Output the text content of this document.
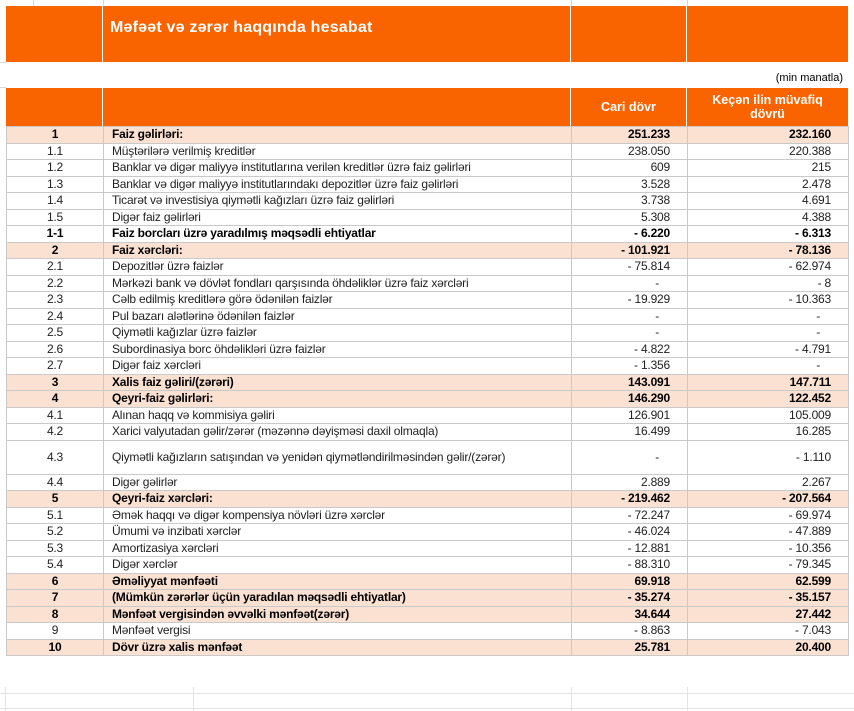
Məfəət və zərər haqqında hesabat
(min manatla)
Cari dövr	Keçən ilin müvafiq dövrü
1	Faiz gəlirləri:	251.233	232.160
1.1	Müştərilərə verilmiş kreditlər	238.050	220.388
1.2	Banklar və digər maliyyə institutlarına verilən kreditlər üzrə faiz gəlirləri	609	215
1.3	Banklar və digər maliyyə institutlarındakı depozitlər üzrə faiz gəlirləri	3.528	2.478
1.4	Ticarət və investisiya qiymətli kağızları üzrə faiz gəlirləri	3.738	4.691
1.5	Digər faiz gəlirləri	5.308	4.388
1-1	Faiz borcları üzrə yaradılmış məqsədli ehtiyatlar	- 6.220	- 6.313
2	Faiz xərcləri:	- 101.921	- 78.136
2.1	Depozitlər üzrə faizlər	- 75.814	- 62.974
2.2	Mərkəzi bank və dövlət fondları qarşısında öhdəliklər üzrə faiz xərcləri	-	- 8
2.3	Cəlb edilmiş kreditlərə görə ödənilən faizlər	- 19.929	- 10.363
2.4	Pul bazarı alətlərinə ödənilən faizlər	-	-
2.5	Qiymətli kağızlar üzrə faizlər	-	-
2.6	Subordinasiya borc öhdəlikləri üzrə faizlər	- 4.822	- 4.791
2.7	Digər faiz xərcləri	- 1.356	-
3	Xalis faiz gəliri/(zərəri)	143.091	147.711
4	Qeyri-faiz gəlirləri:	146.290	122.452
4.1	Alınan haqq və kommisiya gəliri	126.901	105.009
4.2	Xarici valyutadan gəlir/zərər (məzənnə dəyişməsi daxil olmaqla)	16.499	16.285
4.3	Qiymətli kağızların satışından və yenidən qiymətləndirilməsindən gəlir/(zərər)	-	- 1.110
4.4	Digər gəlirlər	2.889	2.267
5	Qeyri-faiz xərcləri:	- 219.462	- 207.564
5.1	Əmək haqqı və digər kompensiya növləri üzrə xərclər	- 72.247	- 69.974
5.2	Ümumi və inzibati xərclər	- 46.024	- 47.889
5.3	Amortizasiya xərcləri	- 12.881	- 10.356
5.4	Digər xərclər	- 88.310	- 79.345
6	Əməliyyat mənfəəti	69.918	62.599
7	(Mümkün zərərlər üçün yaradılan məqsədli ehtiyatlar)	- 35.274	- 35.157
8	Mənfəət vergisindən əvvəlki mənfəət(zərər)	34.644	27.442
9	Mənfəət vergisi	- 8.863	- 7.043
10	Dövr üzrə xalis mənfəət	25.781	20.400
